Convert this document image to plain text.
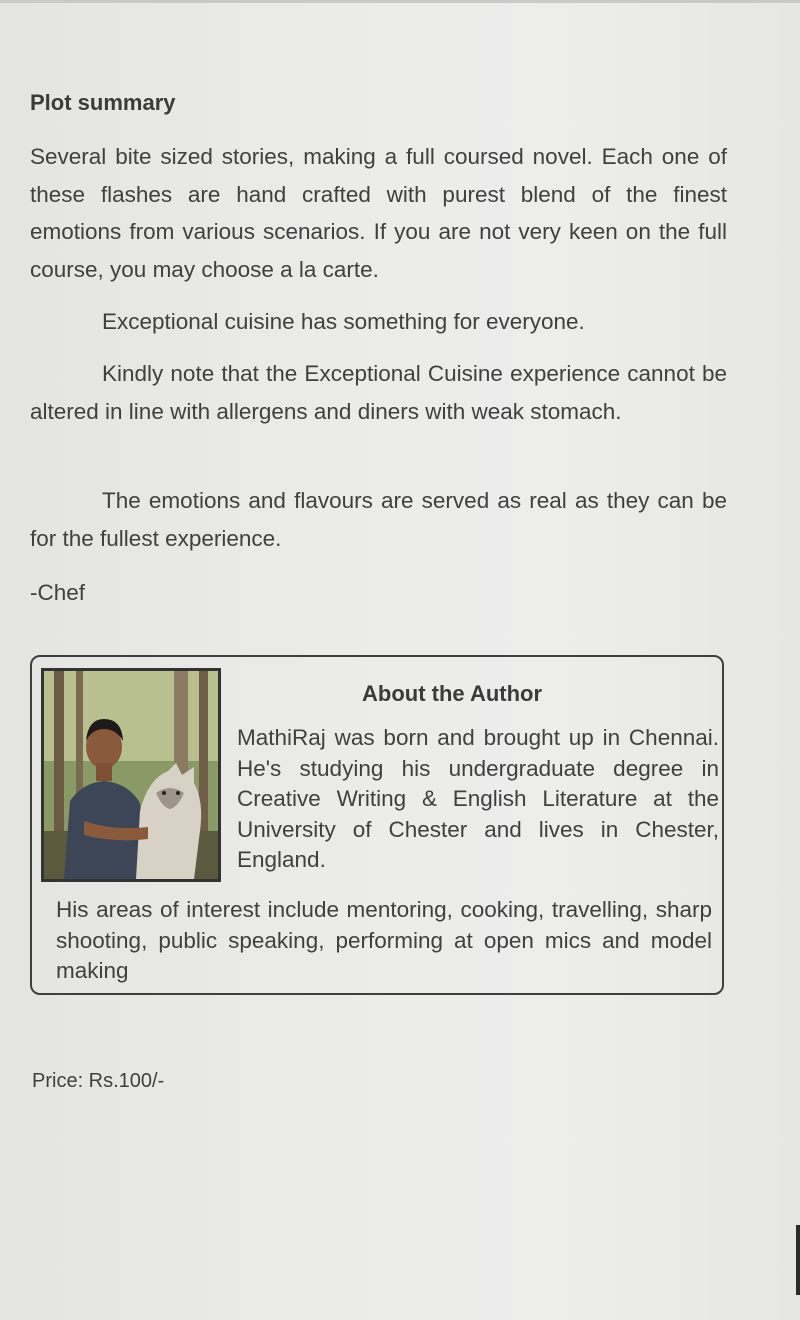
Plot summary

Several bite sized stories, making a full coursed novel. Each one of these flashes are hand crafted with purest blend of the finest emotions from various scenarios. If you are not very keen on the full course, you may choose a la carte.

Exceptional cuisine has something for everyone.

Kindly note that the Exceptional Cuisine experience cannot be altered in line with allergens and diners with weak stomach.

The emotions and flavours are served as real as they can be for the fullest experience.

-Chef

About the Author

MathiRaj was born and brought up in Chennai. He's studying his undergraduate degree in Creative Writing & English Literature at the University of Chester and lives in Chester, England.

His areas of interest include mentoring, cooking, travelling, sharp shooting, public speaking, performing at open mics and model making

Price: Rs.100/-
